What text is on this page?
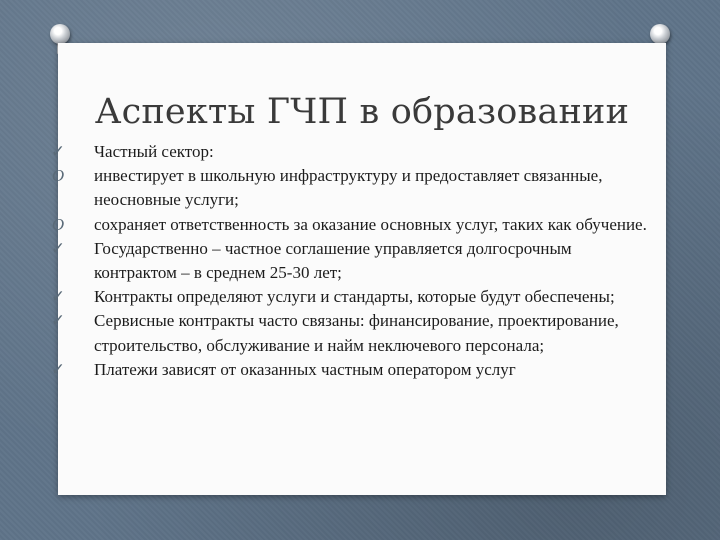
Аспекты ГЧП в образовании
✓ Частный сектор:
O инвестирует в школьную инфраструктуру и предоставляет связанные, неосновные услуги;
O сохраняет ответственность за оказание основных услуг, таких как обучение.
✓ Государственно – частное соглашение управляется долгосрочным контрактом – в среднем 25-30 лет;
✓ Контракты определяют услуги и стандарты, которые будут обеспечены;
✓ Сервисные контракты часто связаны: финансирование, проектирование, строительство, обслуживание и найм неключевого персонала;
✓ Платежи зависят от оказанных частным оператором услуг
